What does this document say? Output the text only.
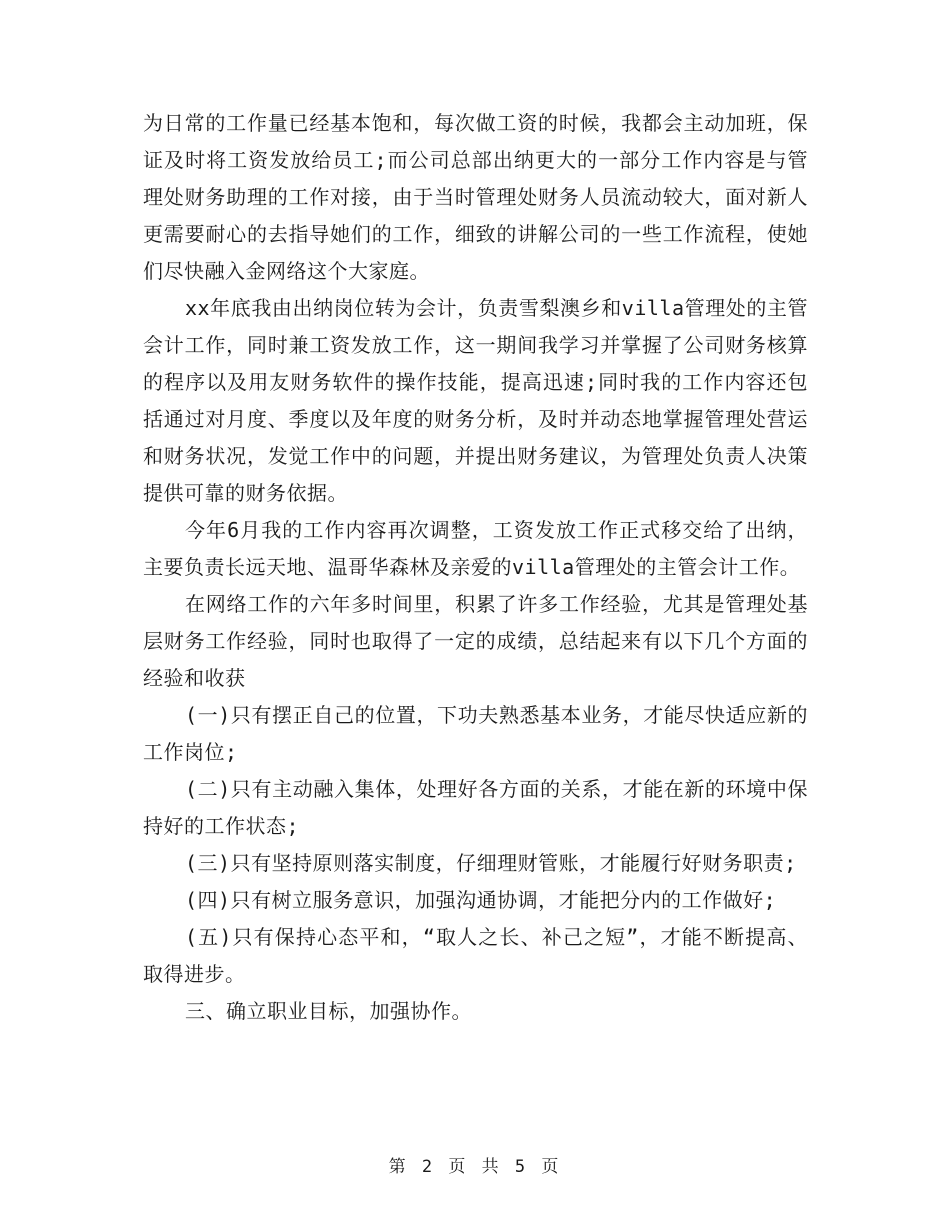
为日常的工作量已经基本饱和，每次做工资的时候，我都会主动加班，保证及时将工资发放给员工;而公司总部出纳更大的一部分工作内容是与管理处财务助理的工作对接，由于当时管理处财务人员流动较大，面对新人更需要耐心的去指导她们的工作，细致的讲解公司的一些工作流程，使她们尽快融入金网络这个大家庭。

xx年底我由出纳岗位转为会计，负责雪梨澳乡和villa管理处的主管会计工作，同时兼工资发放工作，这一期间我学习并掌握了公司财务核算的程序以及用友财务软件的操作技能，提高迅速;同时我的工作内容还包括通过对月度、季度以及年度的财务分析，及时并动态地掌握管理处营运和财务状况，发觉工作中的问题，并提出财务建议，为管理处负责人决策提供可靠的财务依据。

今年6月我的工作内容再次调整，工资发放工作正式移交给了出纳，主要负责长远天地、温哥华森林及亲爱的villa管理处的主管会计工作。

在网络工作的六年多时间里，积累了许多工作经验，尤其是管理处基层财务工作经验，同时也取得了一定的成绩，总结起来有以下几个方面的经验和收获

(一)只有摆正自己的位置，下功夫熟悉基本业务，才能尽快适应新的工作岗位;

(二)只有主动融入集体，处理好各方面的关系，才能在新的环境中保持好的工作状态;

(三)只有坚持原则落实制度，仔细理财管账，才能履行好财务职责;

(四)只有树立服务意识，加强沟通协调，才能把分内的工作做好;

(五)只有保持心态平和，“取人之长、补己之短”，才能不断提高、取得进步。

三、确立职业目标，加强协作。

第 2 页 共 5 页
